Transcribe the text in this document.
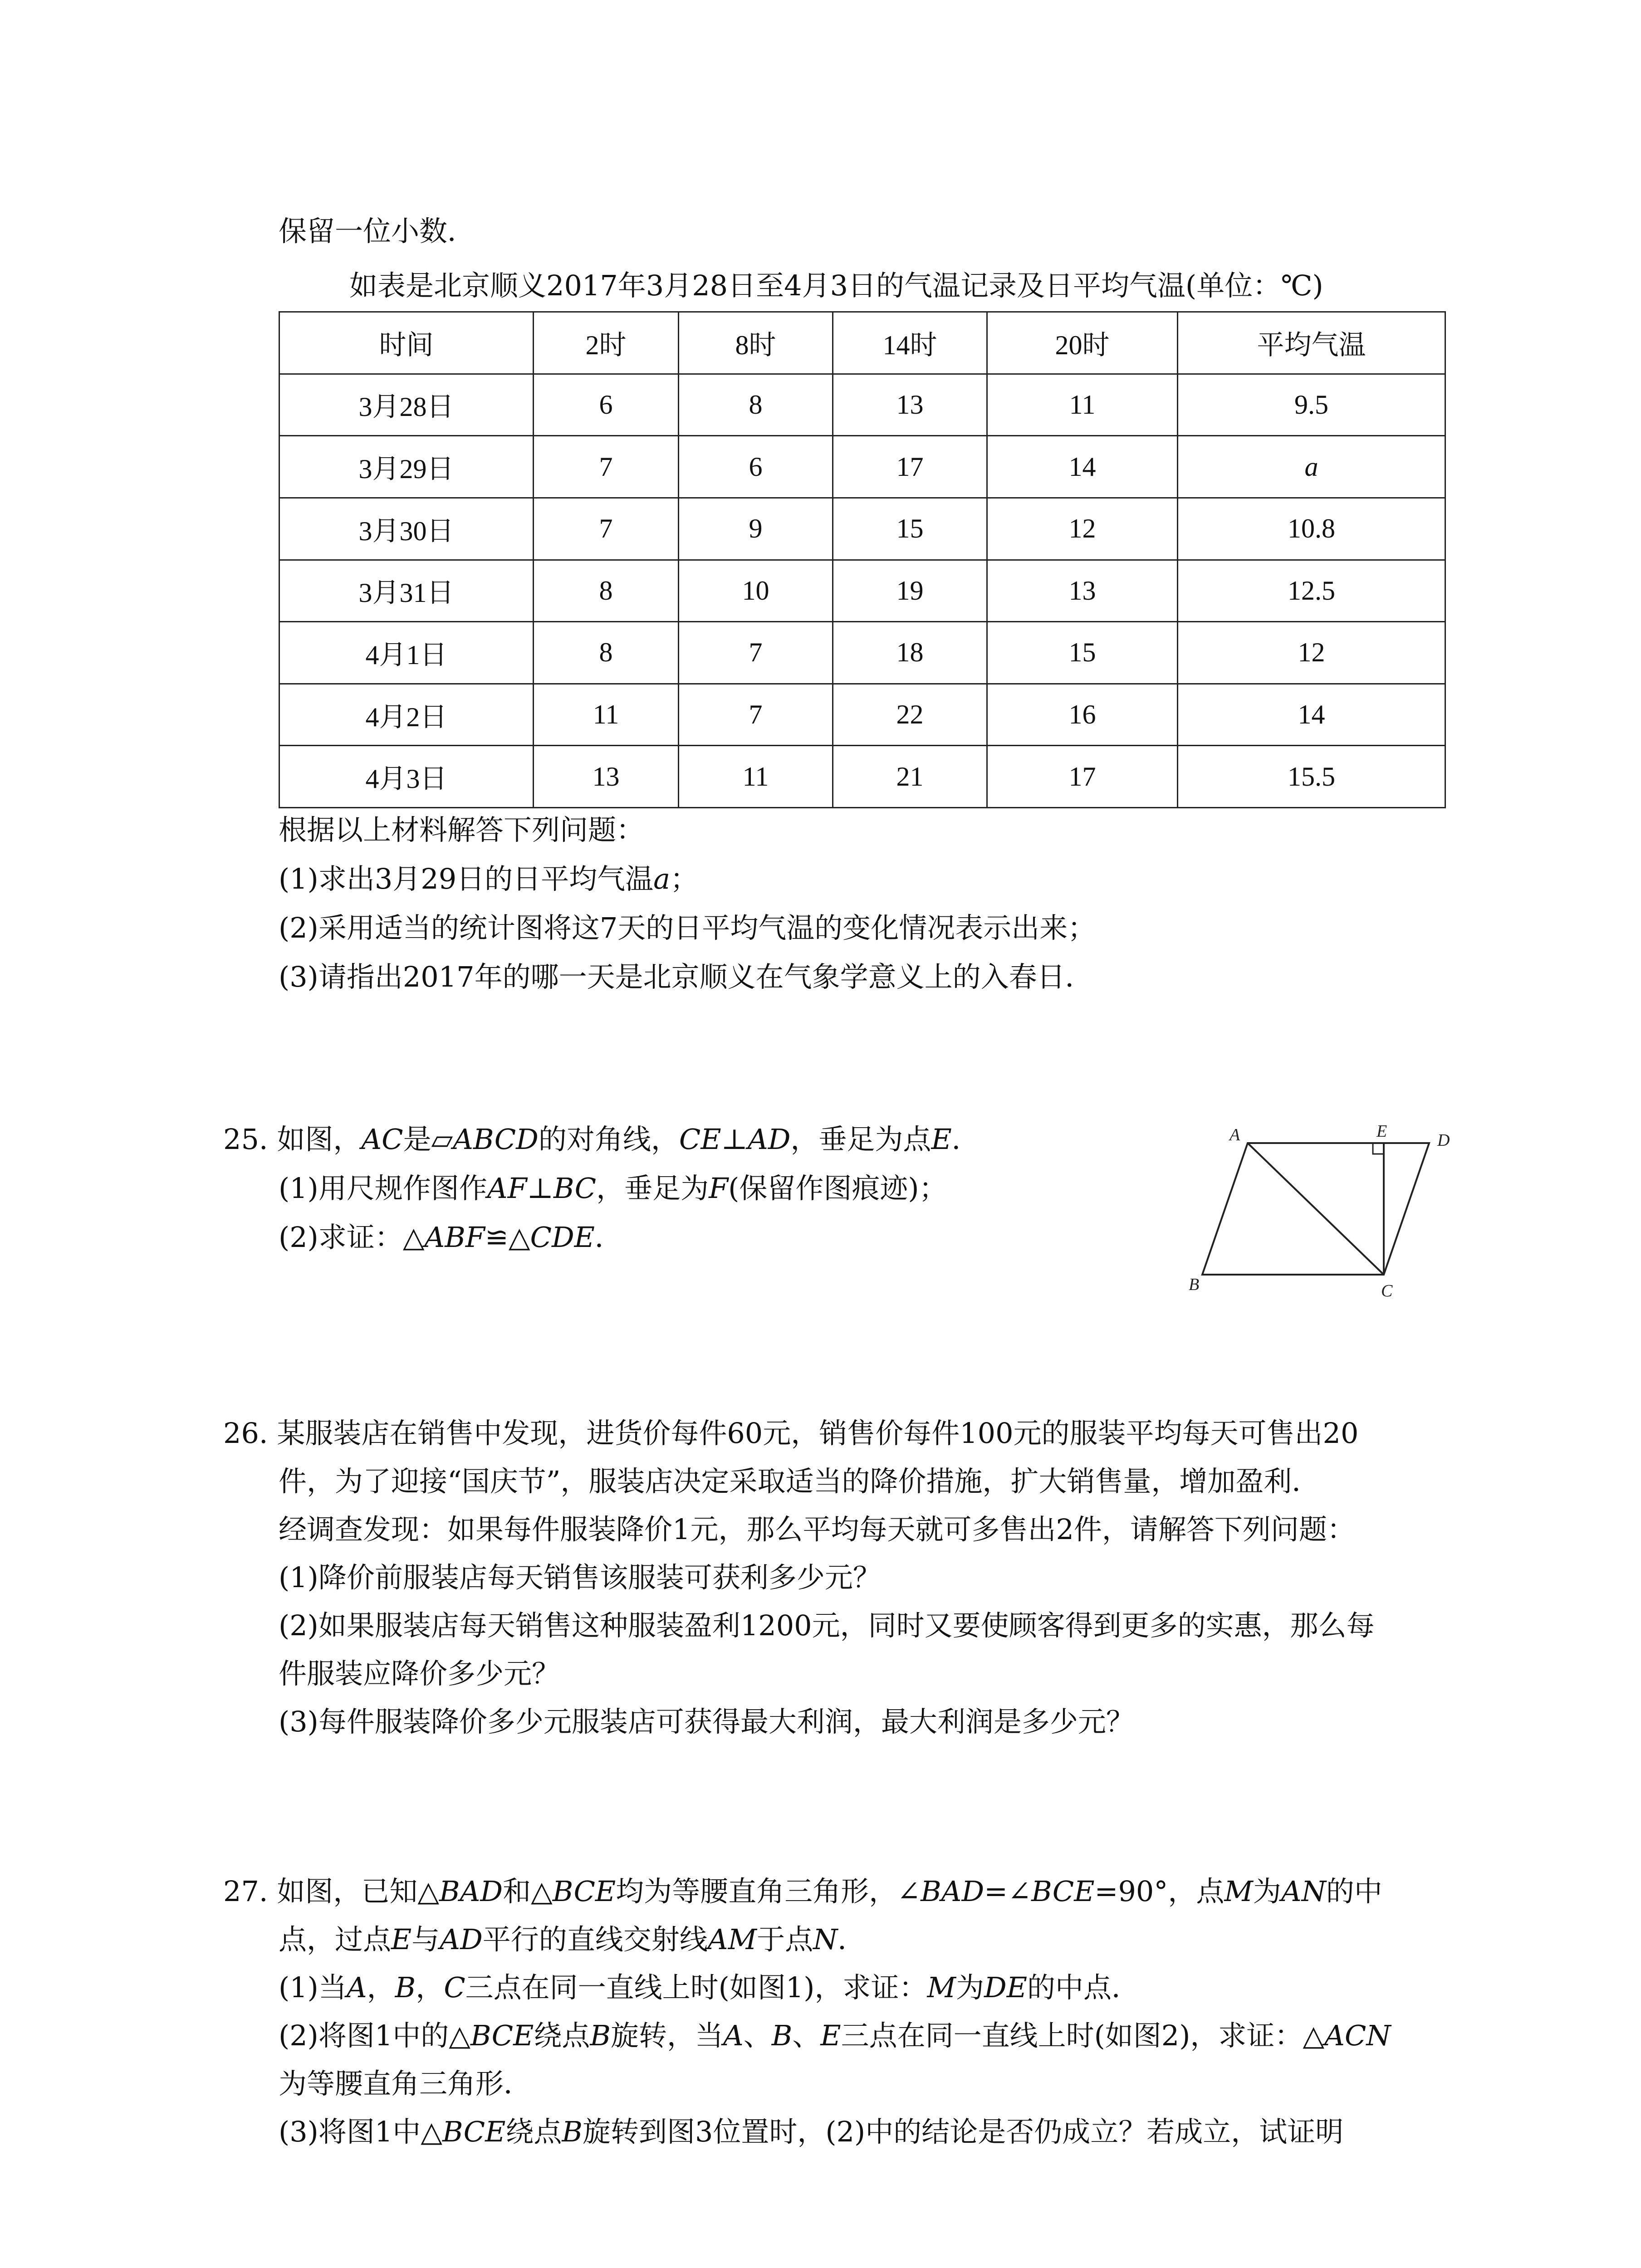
保留一位小数．
如表是北京顺义2017年3月28日至4月3日的气温记录及日平均气温(单位：℃)
时间	2时	8时	14时	20时	平均气温
3月28日	6	8	13	11	9.5
3月29日	7	6	17	14	a
3月30日	7	9	15	12	10.8
3月31日	8	10	19	13	12.5
4月1日	8	7	18	15	12
4月2日	11	7	22	16	14
4月3日	13	11	21	17	15.5
根据以上材料解答下列问题：
(1)求出3月29日的日平均气温a；
(2)采用适当的统计图将这7天的日平均气温的变化情况表示出来；
(3)请指出2017年的哪一天是北京顺义在气象学意义上的入春日．
25. 如图，AC是▱ABCD的对角线，CE⊥AD，垂足为点E．
(1)用尺规作图作AF⊥BC，垂足为F(保留作图痕迹)；
(2)求证：△ABF≌△CDE．
A	E	D
B	C
26. 某服装店在销售中发现，进货价每件60元，销售价每件100元的服装平均每天可售出20
件，为了迎接“国庆节”，服装店决定采取适当的降价措施，扩大销售量，增加盈利．
经调查发现：如果每件服装降价1元，那么平均每天就可多售出2件，请解答下列问题：
(1)降价前服装店每天销售该服装可获利多少元？
(2)如果服装店每天销售这种服装盈利1200元，同时又要使顾客得到更多的实惠，那么每
件服装应降价多少元？
(3)每件服装降价多少元服装店可获得最大利润，最大利润是多少元？
27. 如图，已知△BAD和△BCE均为等腰直角三角形，∠BAD=∠BCE=90°，点M为AN的中
点，过点E与AD平行的直线交射线AM于点N．
(1)当A，B，C三点在同一直线上时(如图1)，求证：M为DE的中点．
(2)将图1中的△BCE绕点B旋转，当A、B、E三点在同一直线上时(如图2)，求证：△ACN
为等腰直角三角形．
(3)将图1中△BCE绕点B旋转到图3位置时，(2)中的结论是否仍成立？若成立，试证明
